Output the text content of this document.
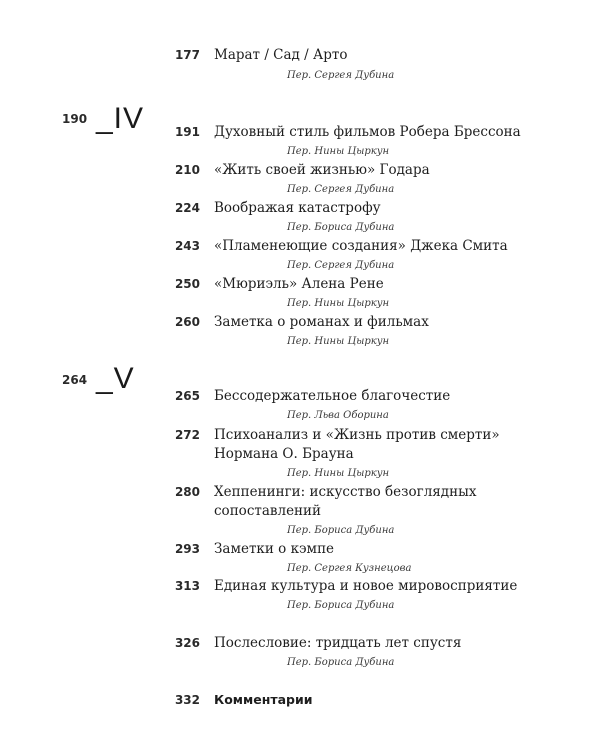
177 Марат / Сад / Арто
Пер. Сергея Дубина
190 _IV	191 Духовный стиль фильмов Робера Брессона
Пер. Нины Цыркун
210 «Жить своей жизнью» Годара
Пер. Сергея Дубина
224 Воображая катастрофу
Пер. Бориса Дубина
243 «Пламенеющие создания» Джека Смита
Пер. Сергея Дубина
250 «Мюриэль» Алена Рене
Пер. Нины Цыркун
260 Заметка о романах и фильмах
Пер. Нины Цыркун
264 _V
265 Бессодержательное благочестие
Пер. Льва Оборина
272 Психоанализ и «Жизнь против смерти»
Нормана О. Брауна
Пер. Нины Цыркун
280 Хеппенинги: искусство безоглядных
сопоставлений
Пер. Бориса Дубина
293 Заметки о кэмпе
Пер. Сергея Кузнецова
313 Единая культура и новое мировосприятие
Пер. Бориса Дубина
326 Послесловие: тридцать лет спустя
Пер. Бориса Дубина
332 Комментарии
